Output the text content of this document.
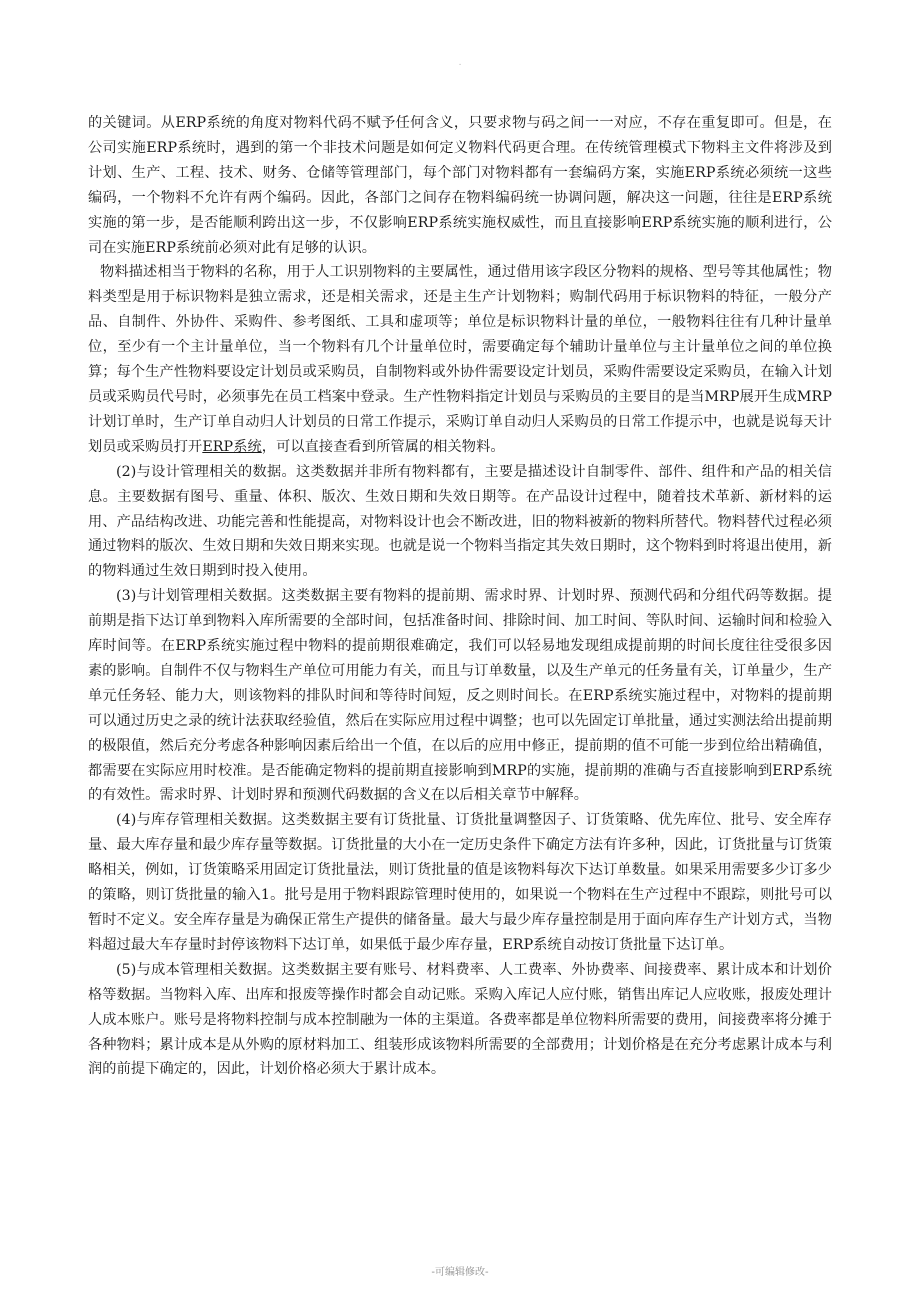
.

的关键词。从ERP系统的角度对物料代码不赋予任何含义，只要求物与码之间一一对应，不存在重复即可。但是，在公司实施ERP系统时，遇到的第一个非技术问题是如何定义物料代码更合理。在传统管理模式下物料主文件将涉及到计划、生产、工程、技术、财务、仓储等管理部门，每个部门对物料都有一套编码方案，实施ERP系统必须统一这些编码，一个物料不允许有两个编码。因此，各部门之间存在物料编码统一协调问题，解决这一问题，往往是ERP系统实施的第一步，是否能顺利跨出这一步，不仅影响ERP系统实施权威性，而且直接影响ERP系统实施的顺利进行，公司在实施ERP系统前必须对此有足够的认识。

物料描述相当于物料的名称，用于人工识别物料的主要属性，通过借用该字段区分物料的规格、型号等其他属性；物料类型是用于标识物料是独立需求，还是相关需求，还是主生产计划物料；购制代码用于标识物料的特征，一般分产品、自制件、外协件、采购件、参考图纸、工具和虚项等；单位是标识物料计量的单位，一般物料往往有几种计量单位，至少有一个主计量单位，当一个物料有几个计量单位时，需要确定每个辅助计量单位与主计量单位之间的单位换算；每个生产性物料要设定计划员或采购员，自制物料或外协件需要设定计划员，采购件需要设定采购员，在输入计划员或采购员代号时，必须事先在员工档案中登录。生产性物料指定计划员与采购员的主要目的是当MRP展开生成MRP计划订单时，生产订单自动归人计划员的日常工作提示，采购订单自动归人采购员的日常工作提示中，也就是说每天计划员或采购员打开ERP系统，可以直接查看到所管属的相关物料。

(2)与设计管理相关的数据。这类数据并非所有物料都有，主要是描述设计自制零件、部件、组件和产品的相关信息。主要数据有图号、重量、体积、版次、生效日期和失效日期等。在产品设计过程中，随着技术革新、新材料的运用、产品结构改进、功能完善和性能提高，对物料设计也会不断改进，旧的物料被新的物料所替代。物料替代过程必须通过物料的版次、生效日期和失效日期来实现。也就是说一个物料当指定其失效日期时，这个物料到时将退出使用，新的物料通过生效日期到时投入使用。

(3)与计划管理相关数据。这类数据主要有物料的提前期、需求时界、计划时界、预测代码和分组代码等数据。提前期是指下达订单到物料入库所需要的全部时间，包括准备时间、排除时间、加工时间、等队时间、运输时间和检验入库时间等。在ERP系统实施过程中物料的提前期很难确定，我们可以轻易地发现组成提前期的时间长度往往受很多因素的影响。自制件不仅与物料生产单位可用能力有关，而且与订单数量，以及生产单元的任务量有关，订单量少，生产单元任务轻、能力大，则该物料的排队时间和等待时间短，反之则时间长。在ERP系统实施过程中，对物料的提前期可以通过历史之录的统计法获取经验值，然后在实际应用过程中调整；也可以先固定订单批量，通过实测法给出提前期的极限值，然后充分考虑各种影响因素后给出一个值，在以后的应用中修正，提前期的值不可能一步到位给出精确值，都需要在实际应用时校准。是否能确定物料的提前期直接影响到MRP的实施，提前期的准确与否直接影响到ERP系统的有效性。需求时界、计划时界和预测代码数据的含义在以后相关章节中解释。

(4)与库存管理相关数据。这类数据主要有订货批量、订货批量调整因子、订货策略、优先库位、批号、安全库存量、最大库存量和最少库存量等数据。订货批量的大小在一定历史条件下确定方法有许多种，因此，订货批量与订货策略相关，例如，订货策略采用固定订货批量法，则订货批量的值是该物料每次下达订单数量。如果采用需要多少订多少的策略，则订货批量的输入1。批号是用于物料跟踪管理时使用的，如果说一个物料在生产过程中不跟踪，则批号可以暂时不定义。安全库存量是为确保正常生产提供的储备量。最大与最少库存量控制是用于面向库存生产计划方式，当物料超过最大车存量时封停该物料下达订单，如果低于最少库存量，ERP系统自动按订货批量下达订单。

(5)与成本管理相关数据。这类数据主要有账号、材料费率、人工费率、外协费率、间接费率、累计成本和计划价格等数据。当物料入库、出库和报废等操作时都会自动记账。采购入库记人应付账，销售出库记人应收账，报废处理计人成本账户。账号是将物料控制与成本控制融为一体的主渠道。各费率都是单位物料所需要的费用，间接费率将分摊于各种物料；累计成本是从外购的原材料加工、组装形成该物料所需要的全部费用；计划价格是在充分考虑累计成本与利润的前提下确定的，因此，计划价格必须大于累计成本。

-可编辑修改-
